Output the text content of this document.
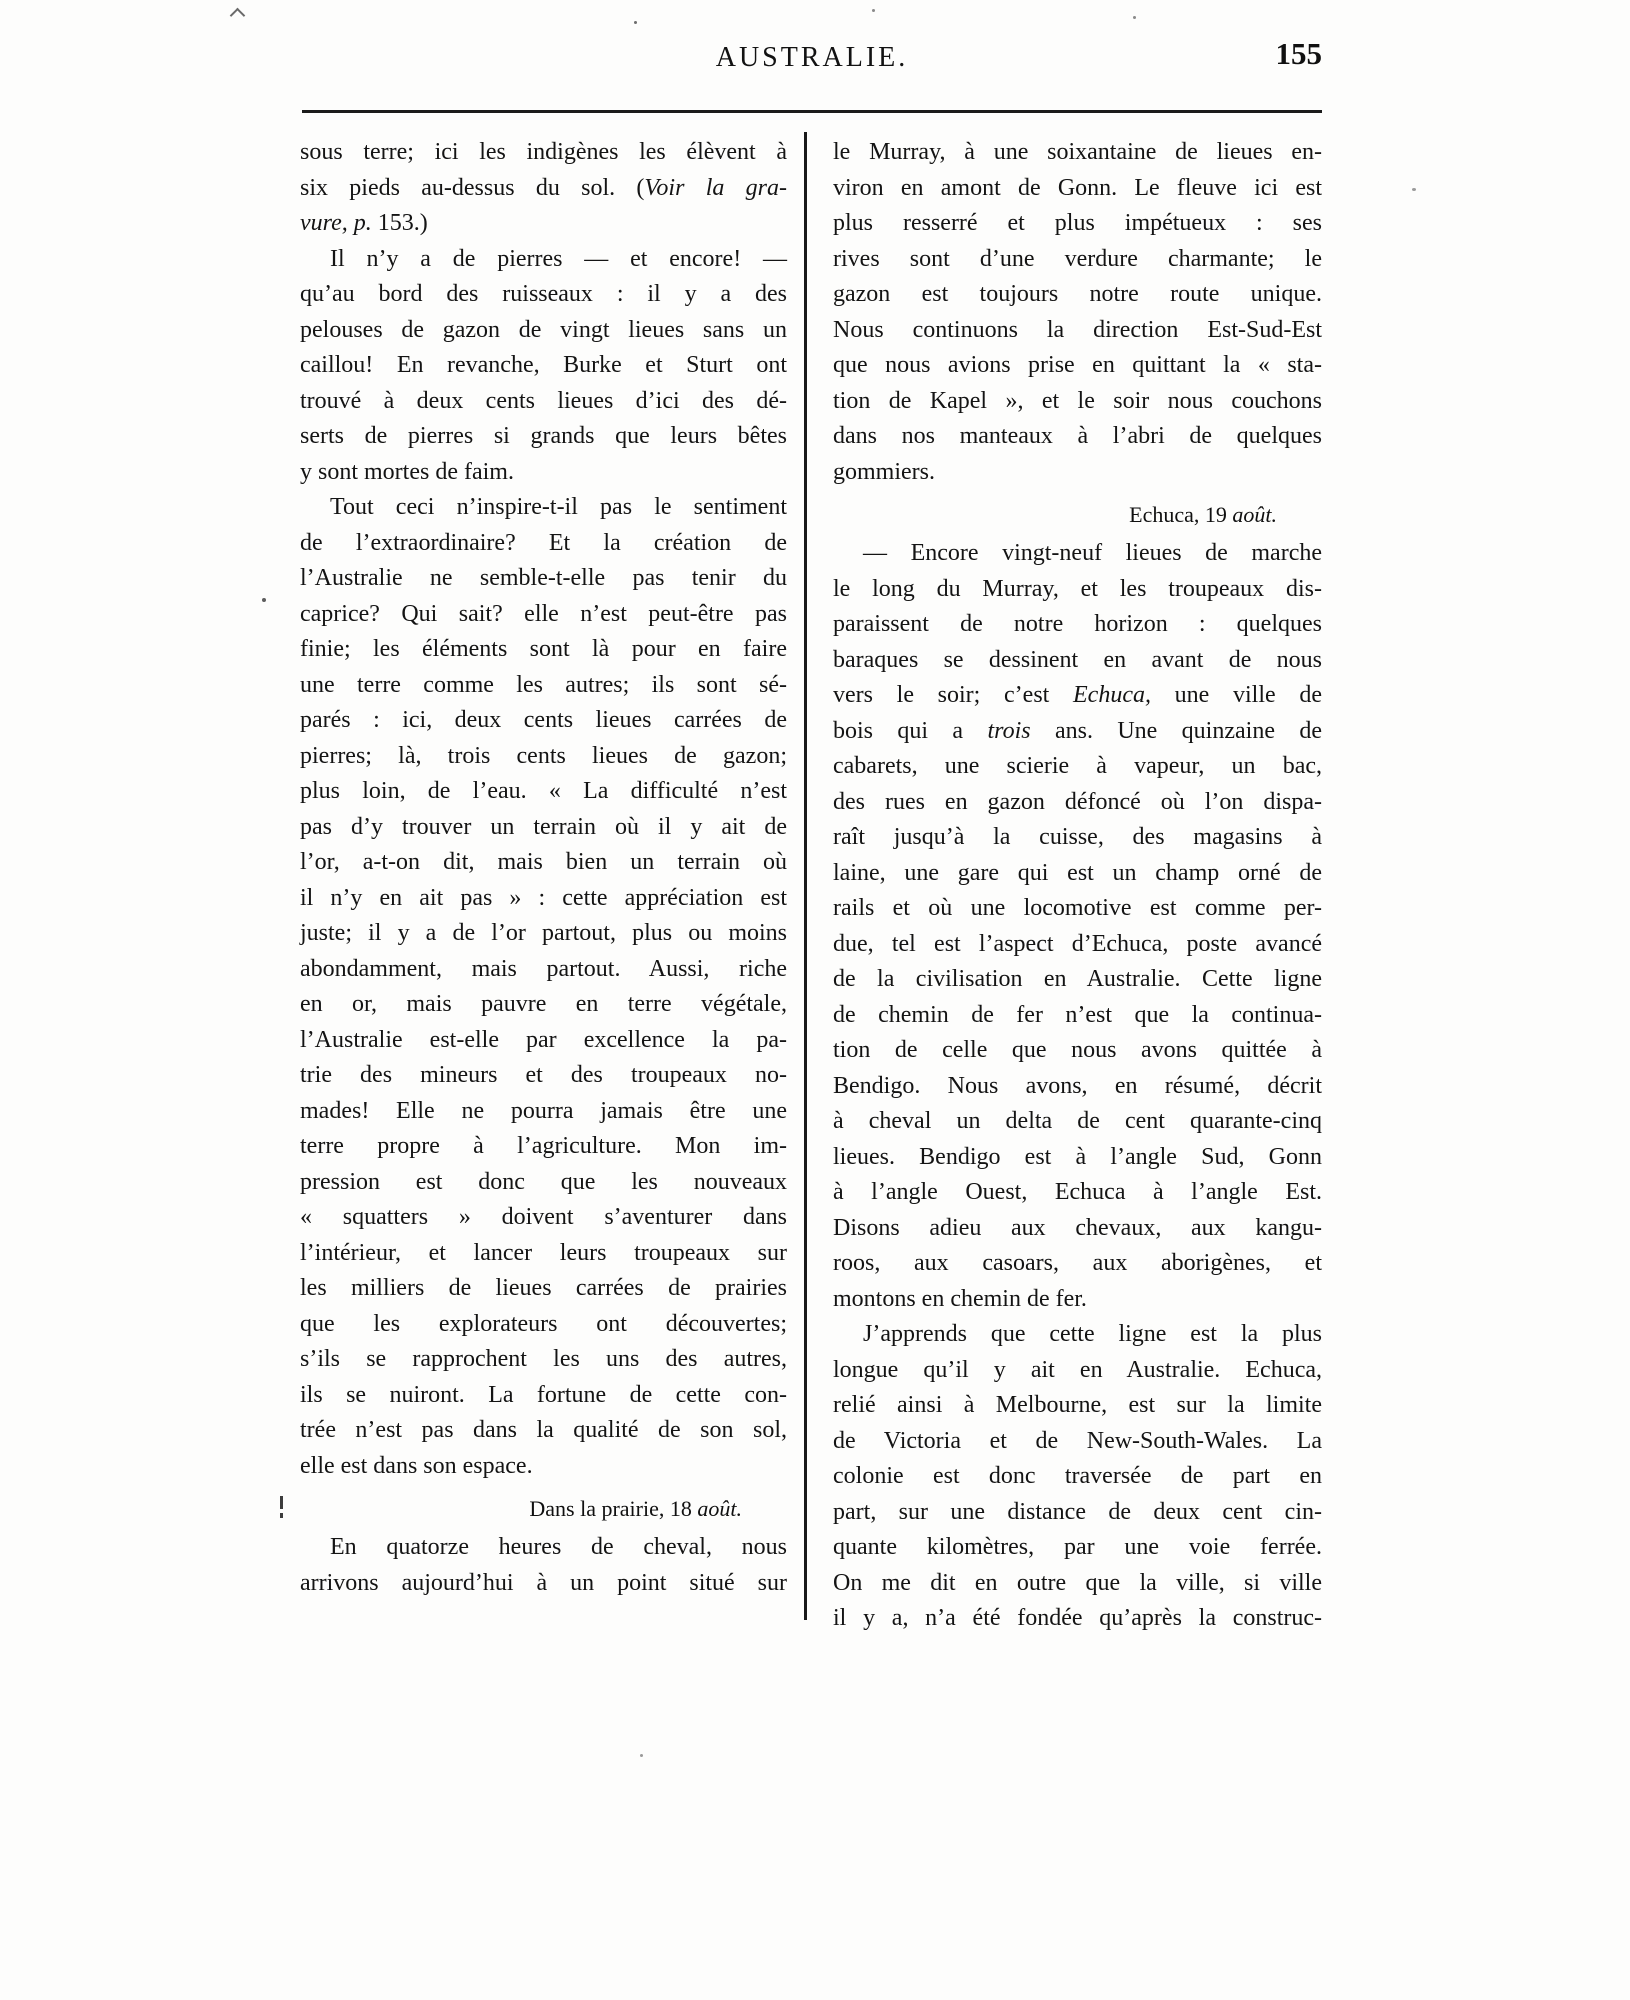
AUSTRALIE.	155
sous terre; ici les indigènes les élèvent à
six pieds au-dessus du sol. (Voir la gra-
vure, p. 153.)
Il n’y a de pierres — et encore! —
qu’au bord des ruisseaux : il y a des
pelouses de gazon de vingt lieues sans un
caillou! En revanche, Burke et Sturt ont
trouvé à deux cents lieues d’ici des dé-
serts de pierres si grands que leurs bêtes
y sont mortes de faim.
Tout ceci n’inspire-t-il pas le sentiment
de l’extraordinaire? Et la création de
l’Australie ne semble-t-elle pas tenir du
caprice? Qui sait? elle n’est peut-être pas
finie; les éléments sont là pour en faire
une terre comme les autres; ils sont sé-
parés : ici, deux cents lieues carrées de
pierres; là, trois cents lieues de gazon;
plus loin, de l’eau. « La difficulté n’est
pas d’y trouver un terrain où il y ait de
l’or, a-t-on dit, mais bien un terrain où
il n’y en ait pas » : cette appréciation est
juste; il y a de l’or partout, plus ou moins
abondamment, mais partout. Aussi, riche
en or, mais pauvre en terre végétale,
l’Australie est-elle par excellence la pa-
trie des mineurs et des troupeaux no-
mades! Elle ne pourra jamais être une
terre propre à l’agriculture. Mon im-
pression est donc que les nouveaux
« squatters » doivent s’aventurer dans
l’intérieur, et lancer leurs troupeaux sur
les milliers de lieues carrées de prairies
que les explorateurs ont découvertes;
s’ils se rapprochent les uns des autres,
ils se nuiront. La fortune de cette con-
trée n’est pas dans la qualité de son sol,
elle est dans son espace.
Dans la prairie, 18 août.
En quatorze heures de cheval, nous
arrivons aujourd’hui à un point situé sur
le Murray, à une soixantaine de lieues en-
viron en amont de Gonn. Le fleuve ici est
plus resserré et plus impétueux : ses
rives sont d’une verdure charmante; le
gazon est toujours notre route unique.
Nous continuons la direction Est-Sud-Est
que nous avions prise en quittant la « sta-
tion de Kapel », et le soir nous couchons
dans nos manteaux à l’abri de quelques
gommiers.
Echuca, 19 août.
— Encore vingt-neuf lieues de marche
le long du Murray, et les troupeaux dis-
paraissent de notre horizon : quelques
baraques se dessinent en avant de nous
vers le soir; c’est Echuca, une ville de
bois qui a trois ans. Une quinzaine de
cabarets, une scierie à vapeur, un bac,
des rues en gazon défoncé où l’on dispa-
raît jusqu’à la cuisse, des magasins à
laine, une gare qui est un champ orné de
rails et où une locomotive est comme per-
due, tel est l’aspect d’Echuca, poste avancé
de la civilisation en Australie. Cette ligne
de chemin de fer n’est que la continua-
tion de celle que nous avons quittée à
Bendigo. Nous avons, en résumé, décrit
à cheval un delta de cent quarante-cinq
lieues. Bendigo est à l’angle Sud, Gonn
à l’angle Ouest, Echuca à l’angle Est.
Disons adieu aux chevaux, aux kangu-
roos, aux casoars, aux aborigènes, et
montons en chemin de fer.
J’apprends que cette ligne est la plus
longue qu’il y ait en Australie. Echuca,
relié ainsi à Melbourne, est sur la limite
de Victoria et de New-South-Wales. La
colonie est donc traversée de part en
part, sur une distance de deux cent cin-
quante kilomètres, par une voie ferrée.
On me dit en outre que la ville, si ville
il y a, n’a été fondée qu’après la construc-
